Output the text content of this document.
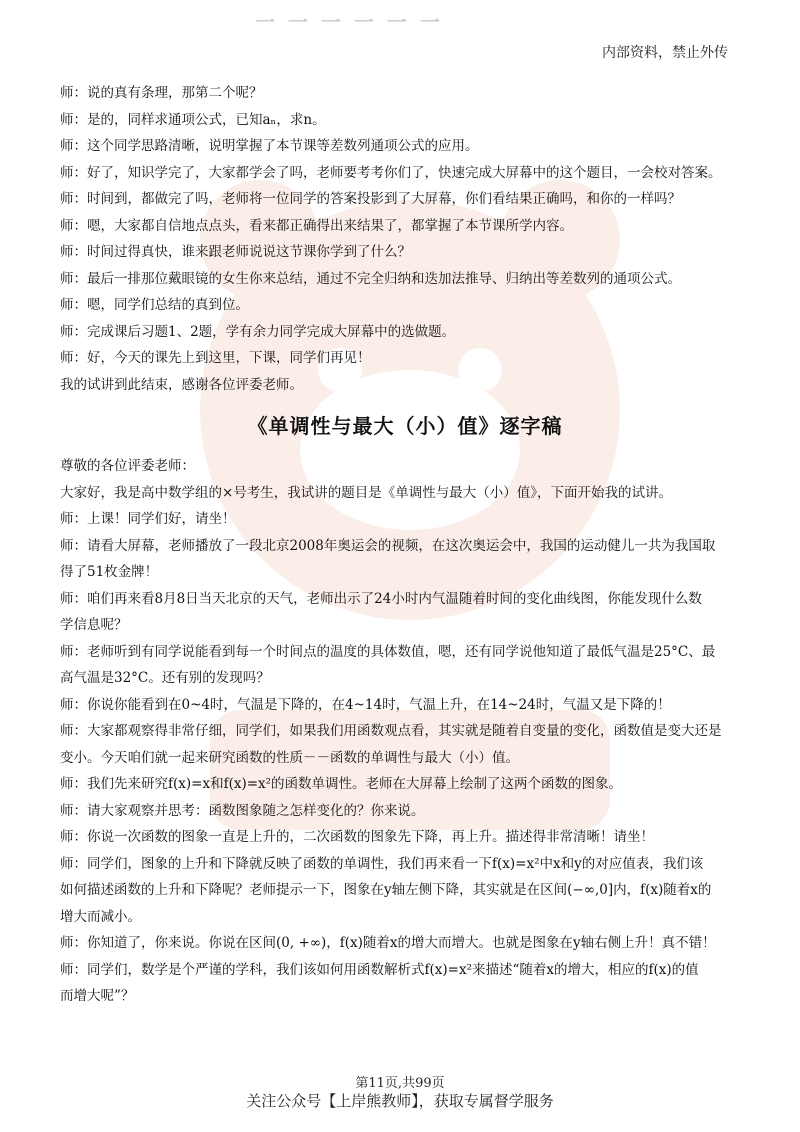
一 一 一 一 一 一
内部资料，禁止外传

师：说的真有条理，那第二个呢？

师：是的，同样求通项公式，已知aₙ，求n。

师：这个同学思路清晰，说明掌握了本节课等差数列通项公式的应用。

师：好了，知识学完了，大家都学会了吗，老师要考考你们了，快速完成大屏幕中的这个题目，一会校对答案。

师：时间到，都做完了吗，老师将一位同学的答案投影到了大屏幕，你们看结果正确吗，和你的一样吗？

师：嗯，大家都自信地点点头，看来都正确得出来结果了，都掌握了本节课所学内容。

师：时间过得真快，谁来跟老师说说这节课你学到了什么？

师：最后一排那位戴眼镜的女生你来总结，通过不完全归纳和迭加法推导、归纳出等差数列的通项公式。

师：嗯，同学们总结的真到位。

师：完成课后习题1、2题，学有余力同学完成大屏幕中的选做题。

师：好，今天的课先上到这里，下课，同学们再见！

我的试讲到此结束，感谢各位评委老师。

《单调性与最大（小）值》逐字稿

尊敬的各位评委老师：

大家好，我是高中数学组的×号考生，我试讲的题目是《单调性与最大（小）值》，下面开始我的试讲。

师：上课！同学们好，请坐！

师：请看大屏幕，老师播放了一段北京2008年奥运会的视频，在这次奥运会中，我国的运动健儿一共为我国取

得了51枚金牌！

师：咱们再来看8月8日当天北京的天气，老师出示了24小时内气温随着时间的变化曲线图，你能发现什么数

学信息呢？

师：老师听到有同学说能看到每一个时间点的温度的具体数值，嗯，还有同学说他知道了最低气温是25°C、最

高气温是32°C。还有别的发现吗？

师：你说你能看到在0~4时，气温是下降的，在4~14时，气温上升，在14~24时，气温又是下降的！

师：大家都观察得非常仔细，同学们，如果我们用函数观点看，其实就是随着自变量的变化，函数值是变大还是

变小。今天咱们就一起来研究函数的性质－－函数的单调性与最大（小）值。

师：我们先来研究f(x)=x和f(x)=x²的函数单调性。老师在大屏幕上绘制了这两个函数的图象。

师：请大家观察并思考：函数图象随之怎样变化的？你来说。

师：你说一次函数的图象一直是上升的，二次函数的图象先下降，再上升。描述得非常清晰！请坐！

师：同学们，图象的上升和下降就反映了函数的单调性，我们再来看一下f(x)=x²中x和y的对应值表，我们该

如何描述函数的上升和下降呢？老师提示一下，图象在y轴左侧下降，其实就是在区间(−∞,0]内，f(x)随着x的

增大而减小。

师：你知道了，你来说。你说在区间(0, +∞)，f(x)随着x的增大而增大。也就是图象在y轴右侧上升！真不错！

师：同学们，数学是个严谨的学科，我们该如何用函数解析式f(x)=x²来描述“随着x的增大，相应的f(x)的值

而增大呢”？

第11页,共99页
关注公众号【上岸熊教师】，获取专属督学服务
